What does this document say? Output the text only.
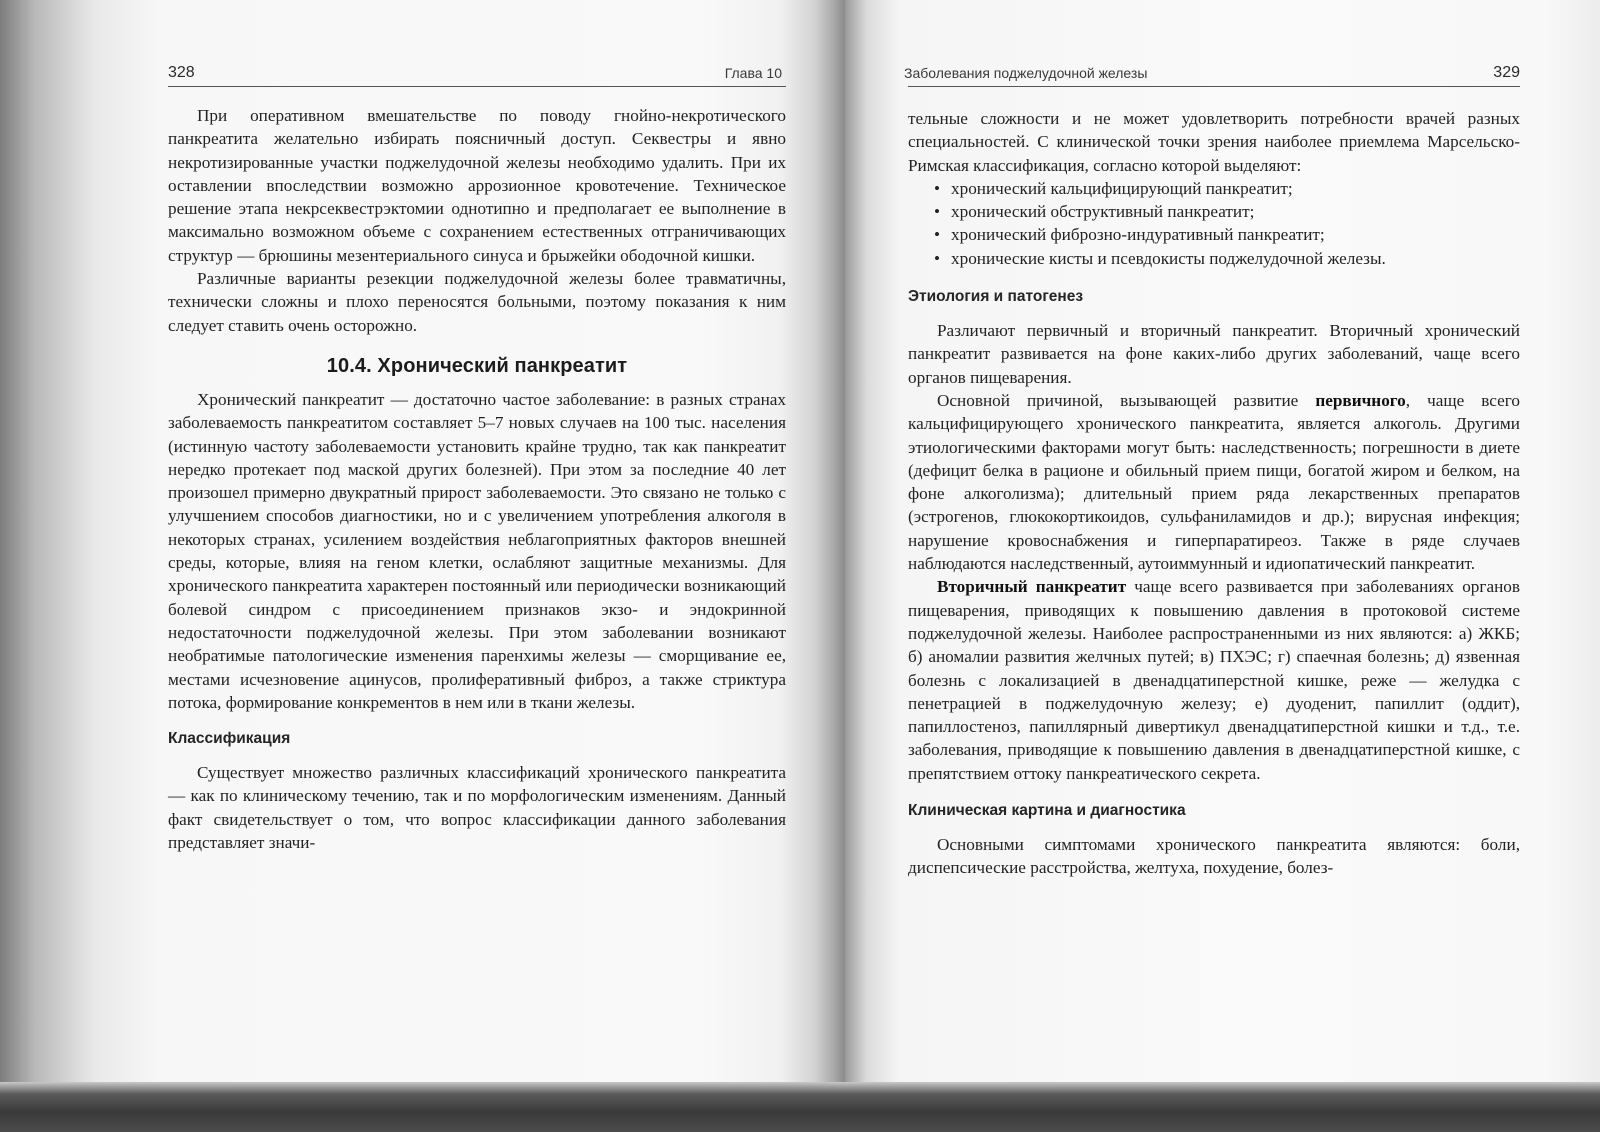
328	Глава 10

При оперативном вмешательстве по поводу гнойно-некротического панкреатита желательно избирать поясничный доступ. Секвестры и явно некротизированные участки поджелудочной железы необходимо удалить. При их оставлении впоследствии возможно аррозионное кровотечение. Техническое решение этапа некрсеквестрэктомии однотипно и предполагает ее выполнение в максимально возможном объеме с сохранением естественных отграничивающих структур — брюшины мезентериального синуса и брыжейки ободочной кишки.

Различные варианты резекции поджелудочной железы более травматичны, технически сложны и плохо переносятся больными, поэтому показания к ним следует ставить очень осторожно.

10.4. Хронический панкреатит

Хронический панкреатит — достаточно частое заболевание: в разных странах заболеваемость панкреатитом составляет 5–7 новых случаев на 100 тыс. населения (истинную частоту заболеваемости установить крайне трудно, так как панкреатит нередко протекает под маской других болезней). При этом за последние 40 лет произошел примерно двукратный прирост заболеваемости. Это связано не только с улучшением способов диагностики, но и с увеличением употребления алкоголя в некоторых странах, усилением воздействия неблагоприятных факторов внешней среды, которые, влияя на геном клетки, ослабляют защитные механизмы. Для хронического панкреатита характерен постоянный или периодически возникающий болевой синдром с присоединением признаков экзо- и эндокринной недостаточности поджелудочной железы. При этом заболевании возникают необратимые патологические изменения паренхимы железы — сморщивание ее, местами исчезновение ацинусов, пролиферативный фиброз, а также стриктура потока, формирование конкрементов в нем или в ткани железы.

Классификация

Существует множество различных классификаций хронического панкреатита — как по клиническому течению, так и по морфологическим изменениям. Данный факт свидетельствует о том, что вопрос классификации данного заболевания представляет значи-

Заболевания поджелудочной железы	329

тельные сложности и не может удовлетворить потребности врачей разных специальностей. С клинической точки зрения наиболее приемлема Марсельско-Римская классификация, согласно которой выделяют:

• хронический кальцифицирующий панкреатит;
• хронический обструктивный панкреатит;
• хронический фиброзно-индуративный панкреатит;
• хронические кисты и псевдокисты поджелудочной железы.
Этиология и патогенез

Различают первичный и вторичный панкреатит. Вторичный хронический панкреатит развивается на фоне каких-либо других заболеваний, чаще всего органов пищеварения.

Основной причиной, вызывающей развитие первичного, чаще всего кальцифицирующего хронического панкреатита, является алкоголь. Другими этиологическими факторами могут быть: наследственность; погрешности в диете (дефицит белка в рационе и обильный прием пищи, богатой жиром и белком, на фоне алкоголизма); длительный прием ряда лекарственных препаратов (эстрогенов, глюкокортикоидов, сульфаниламидов и др.); вирусная инфекция; нарушение кровоснабжения и гиперпаратиреоз. Также в ряде случаев наблюдаются наследственный, аутоиммунный и идиопатический панкреатит.

Вторичный панкреатит чаще всего развивается при заболеваниях органов пищеварения, приводящих к повышению давления в протоковой системе поджелудочной железы. Наиболее распространенными из них являются: а) ЖКБ; б) аномалии развития желчных путей; в) ПХЭС; г) спаечная болезнь; д) язвенная болезнь с локализацией в двенадцатиперстной кишке, реже — желудка с пенетрацией в поджелудочную железу; е) дуоденит, папиллит (оддит), папиллостеноз, папиллярный дивертикул двенадцатиперстной кишки и т.д., т.е. заболевания, приводящие к повышению давления в двенадцатиперстной кишке, с препятствием оттоку панкреатического секрета.

Клиническая картина и диагностика

Основными симптомами хронического панкреатита являются: боли, диспепсические расстройства, желтуха, похудение, болез-
